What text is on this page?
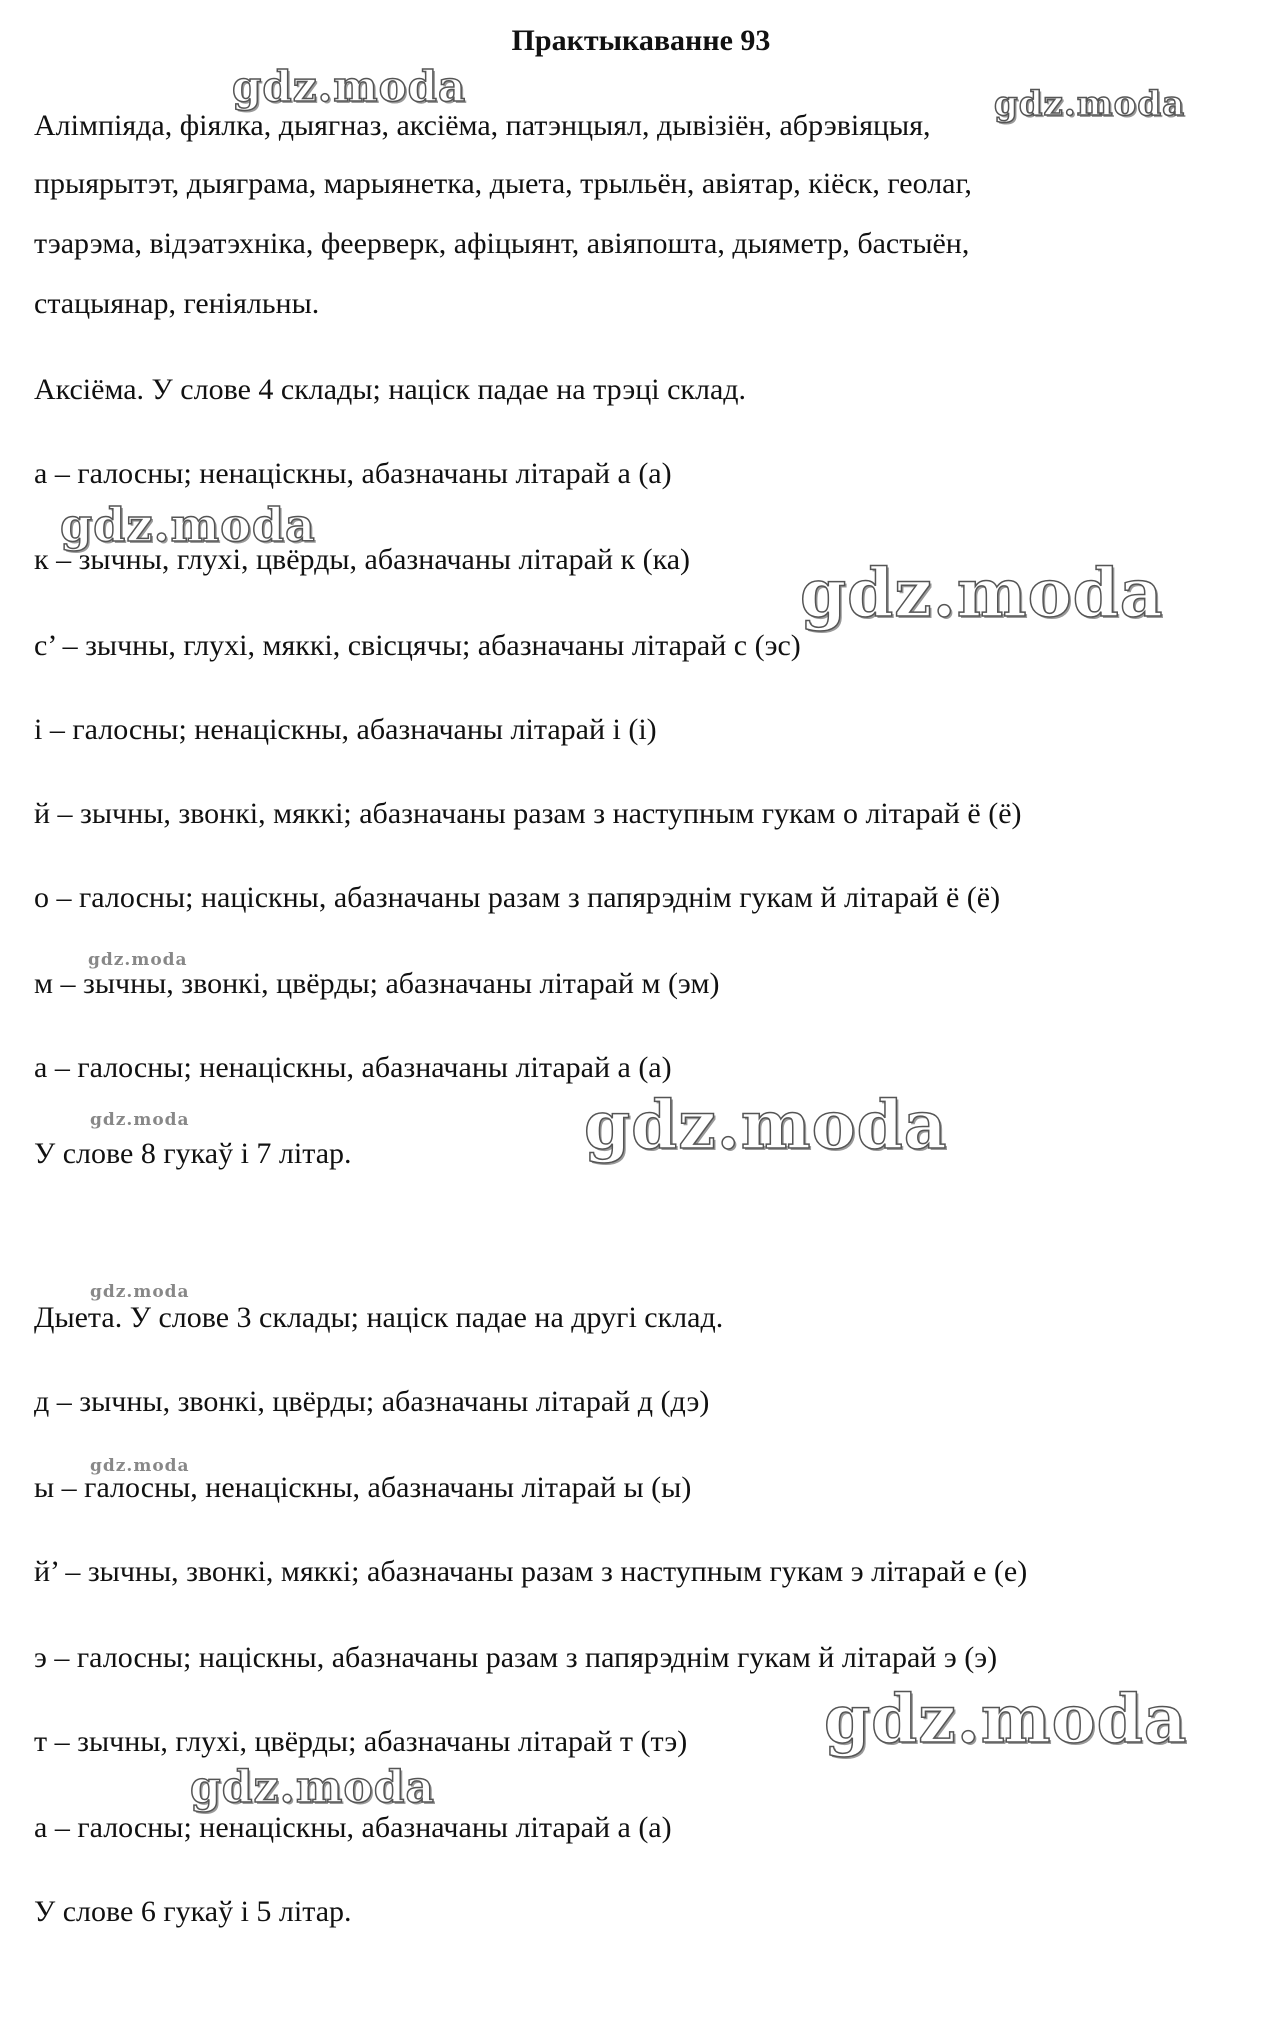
Практыкаванне 93
Алімпіяда, фіялка, дыягназ, аксіёма, патэнцыял, дывізіён, абрэвіяцыя,
прыярытэт, дыяграма, марыянетка, дыета, трыльён, авіятар, кіёск, геолаг,
тэарэма, відэатэхніка, феерверк, афіцыянт, авіяпошта, дыяметр, бастыён,
стацыянар, геніяльны.
Аксіёма. У слове 4 склады; націск падае на трэці склад.
а – галосны; ненаціскны, абазначаны літарай а (а)
к – зычны, глухі, цвёрды, абазначаны літарай к (ка)
с’ – зычны, глухі, мяккі, свісцячы; абазначаны літарай с (эс)
і – галосны; ненаціскны, абазначаны літарай і (і)
й – зычны, звонкі, мяккі; абазначаны разам з наступным гукам о літарай ё (ё)
о – галосны; націскны, абазначаны разам з папярэднім гукам й літарай ё (ё)
м – зычны, звонкі, цвёрды; абазначаны літарай м (эм)
а – галосны; ненаціскны, абазначаны літарай а (а)
У слове 8 гукаў і 7 літар.
Дыета. У слове 3 склады; націск падае на другі склад.
д – зычны, звонкі, цвёрды; абазначаны літарай д (дэ)
ы – галосны, ненаціскны, абазначаны літарай ы (ы)
й’ – зычны, звонкі, мяккі; абазначаны разам з наступным гукам э літарай е (е)
э – галосны; націскны, абазначаны разам з папярэднім гукам й літарай э (э)
т – зычны, глухі, цвёрды; абазначаны літарай т (тэ)
а – галосны; ненаціскны, абазначаны літарай а (а)
У слове 6 гукаў і 5 літар.
gdz.moda	gdz.moda
gdz.moda
gdz.moda
gdz.moda
gdz.moda	gdz.moda
gdz.moda
gdz.moda
gdz.moda
gdz.moda
